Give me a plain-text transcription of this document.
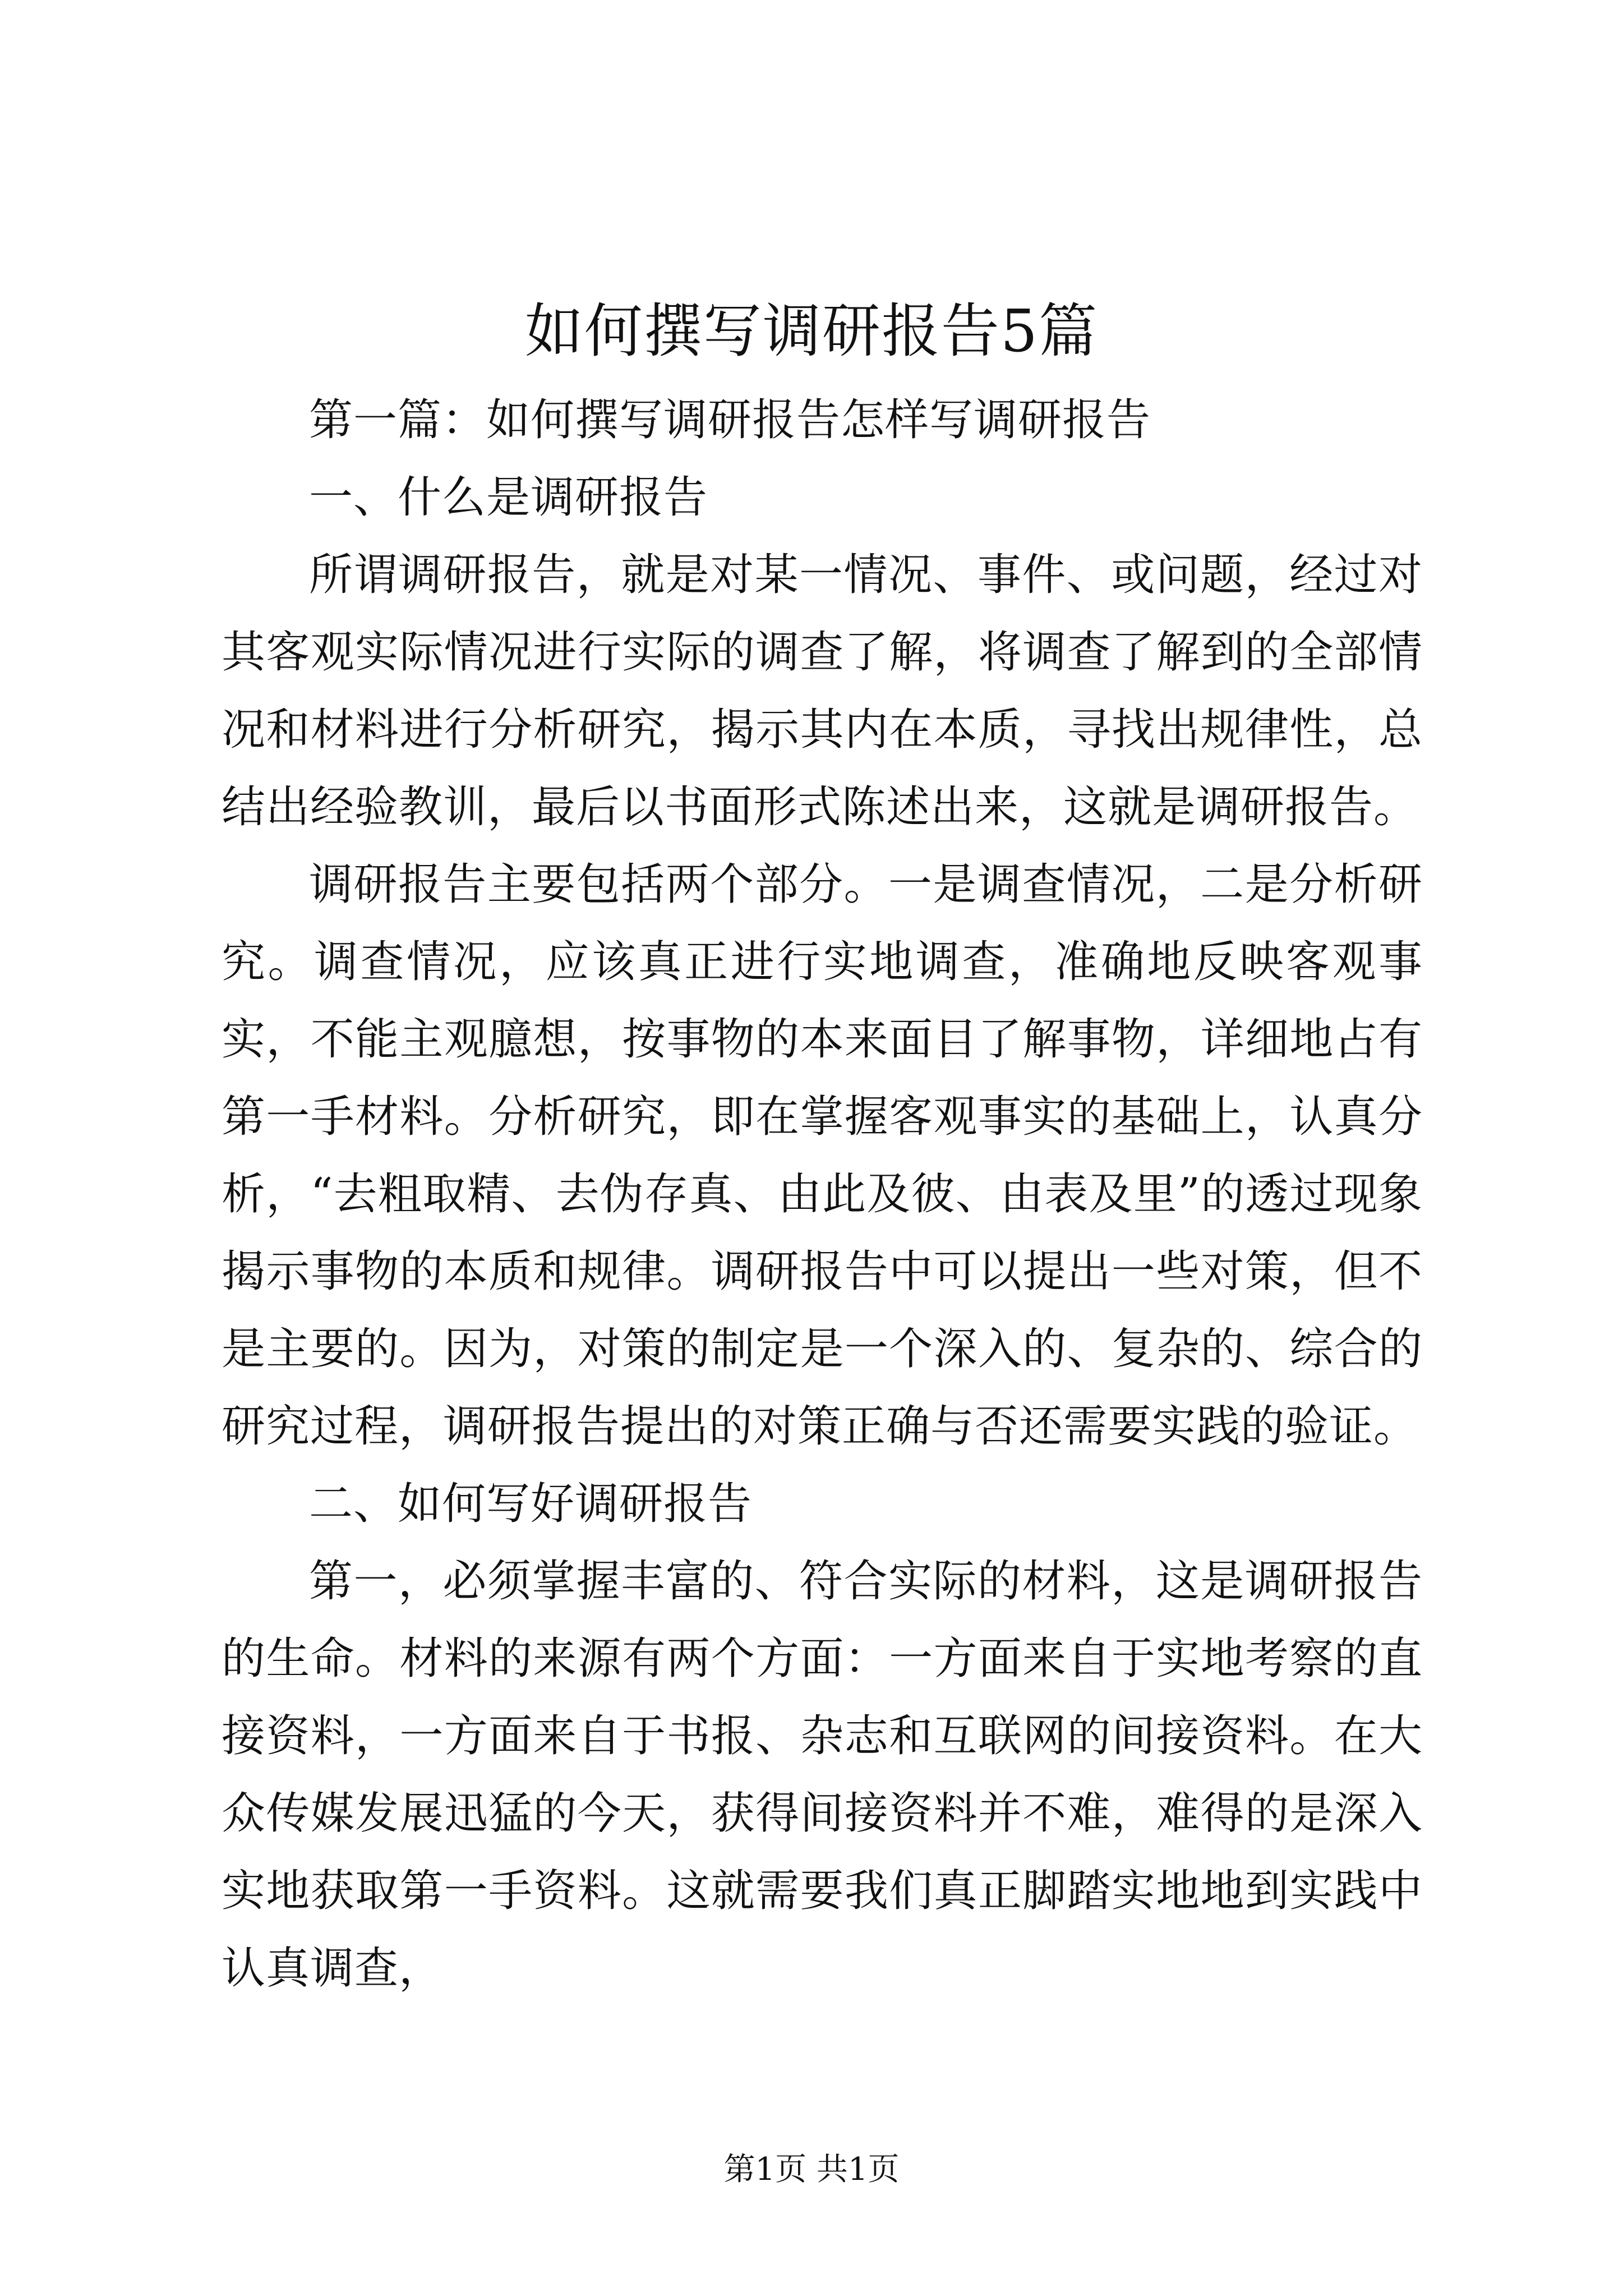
如何撰写调研报告5篇

第一篇：如何撰写调研报告怎样写调研报告

一、什么是调研报告

所谓调研报告，就是对某一情况、事件、或问题，经过对其客观实际情况进行实际的调查了解，将调查了解到的全部情况和材料进行分析研究，揭示其内在本质，寻找出规律性，总结出经验教训，最后以书面形式陈述出来，这就是调研报告。

调研报告主要包括两个部分。一是调查情况，二是分析研究。调查情况，应该真正进行实地调查，准确地反映客观事实，不能主观臆想，按事物的本来面目了解事物，详细地占有第一手材料。分析研究，即在掌握客观事实的基础上，认真分析，“去粗取精、去伪存真、由此及彼、由表及里”的透过现象揭示事物的本质和规律。调研报告中可以提出一些对策，但不是主要的。因为，对策的制定是一个深入的、复杂的、综合的研究过程，调研报告提出的对策正确与否还需要实践的验证。

二、如何写好调研报告

第一，必须掌握丰富的、符合实际的材料，这是调研报告的生命。材料的来源有两个方面：一方面来自于实地考察的直接资料，一方面来自于书报、杂志和互联网的间接资料。在大众传媒发展迅猛的今天，获得间接资料并不难，难得的是深入实地获取第一手资料。这就需要我们真正脚踏实地地到实践中认真调查，

第1页 共1页
